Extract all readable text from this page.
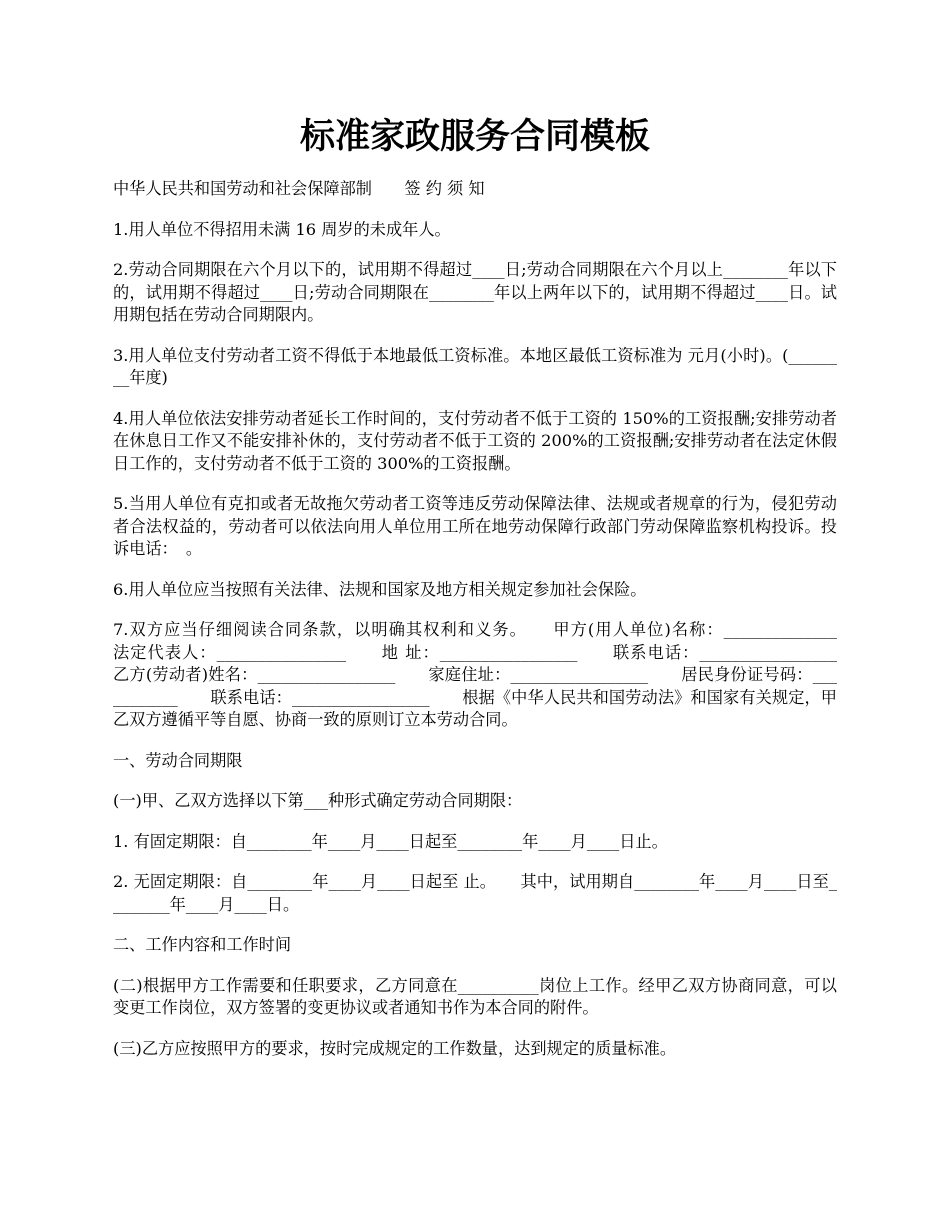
标准家政服务合同模板

中华人民共和国劳动和社会保障部制　　签 约 须 知

1.用人单位不得招用未满 16 周岁的未成年人。

2.劳动合同期限在六个月以下的，试用期不得超过____日;劳动合同期限在六个月以上________年以下的，试用期不得超过____日;劳动合同期限在________年以上两年以下的，试用期不得超过____日。试用期包括在劳动合同期限内。

3.用人单位支付劳动者工资不得低于本地最低工资标准。本地区最低工资标准为 元月(小时)。(________年度)

4.用人单位依法安排劳动者延长工作时间的，支付劳动者不低于工资的 150%的工资报酬;安排劳动者在休息日工作又不能安排补休的，支付劳动者不低于工资的 200%的工资报酬;安排劳动者在法定休假日工作的，支付劳动者不低于工资的 300%的工资报酬。

5.当用人单位有克扣或者无故拖欠劳动者工资等违反劳动保障法律、法规或者规章的行为，侵犯劳动者合法权益的，劳动者可以依法向用人单位用工所在地劳动保障行政部门劳动保障监察机构投诉。投诉电话：　。

6.用人单位应当按照有关法律、法规和国家及地方相关规定参加社会保险。

7.双方应当仔细阅读合同条款，以明确其权利和义务。　　甲方(用人单位)名称：______________　　法定代表人：________________　　地 址：_________________　　联系电话：_________________　　乙方(劳动者)姓名：_________________　　家庭住址：_________________　　居民身份证号码：___________　　联系电话：_________________　　根据《中华人民共和国劳动法》和国家有关规定，甲乙双方遵循平等自愿、协商一致的原则订立本劳动合同。

一、劳动合同期限

(一)甲、乙双方选择以下第___种形式确定劳动合同期限：

1. 有固定期限：自________年____月____日起至________年____月____日止。

2. 无固定期限：自________年____月____日起至 止。　　其中，试用期自________年____月____日至________年____月____日。

二、工作内容和工作时间

(二)根据甲方工作需要和任职要求，乙方同意在__________岗位上工作。经甲乙双方协商同意，可以变更工作岗位，双方签署的变更协议或者通知书作为本合同的附件。

(三)乙方应按照甲方的要求，按时完成规定的工作数量，达到规定的质量标准。
